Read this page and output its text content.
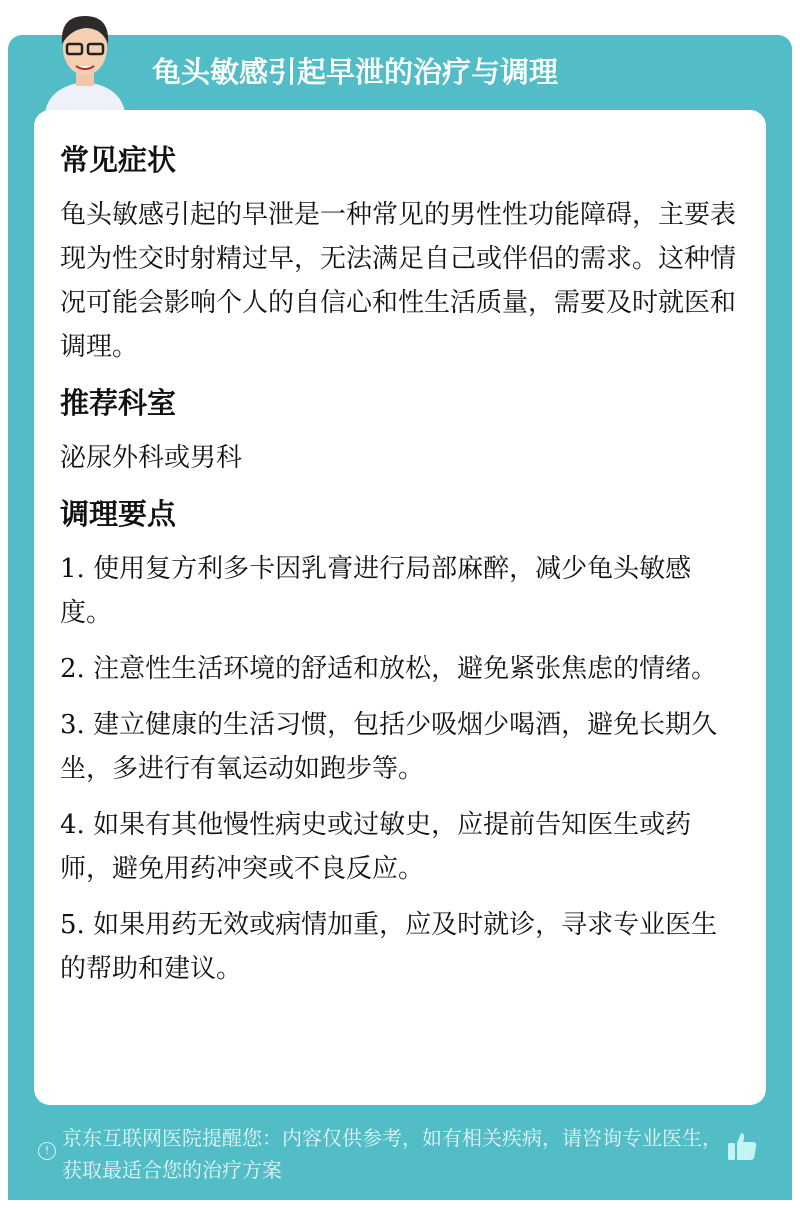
龟头敏感引起早泄的治疗与调理
常见症状

龟头敏感引起的早泄是一种常见的男性性功能障碍，主要表现为性交时射精过早，无法满足自己或伴侣的需求。这种情况可能会影响个人的自信心和性生活质量，需要及时就医和调理。

推荐科室

泌尿外科或男科

调理要点
1. 使用复方利多卡因乳膏进行局部麻醉，减少龟头敏感度。
2. 注意性生活环境的舒适和放松，避免紧张焦虑的情绪。
3. 建立健康的生活习惯，包括少吸烟少喝酒，避免长期久坐，多进行有氧运动如跑步等。
4. 如果有其他慢性病史或过敏史，应提前告知医生或药师，避免用药冲突或不良反应。
5. 如果用药无效或病情加重，应及时就诊，寻求专业医生的帮助和建议。
!
京东互联网医院提醒您：内容仅供参考，如有相关疾病，请咨询专业医生，获取最适合您的治疗方案
